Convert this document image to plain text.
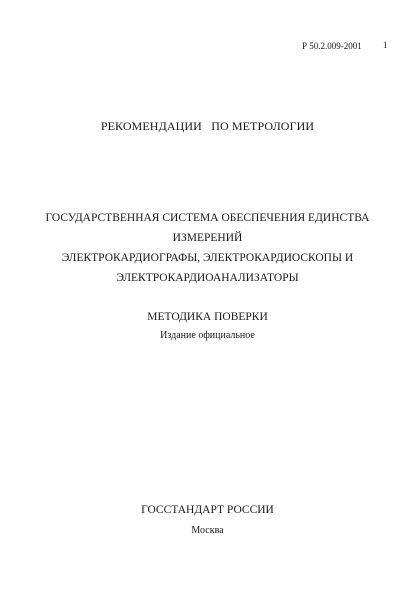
Р 50.2.009-2001 1
РЕКОМЕНДАЦИИ   ПО МЕТРОЛОГИИ
ГОСУДАРСТВЕННАЯ СИСТЕМА ОБЕСПЕЧЕНИЯ ЕДИНСТВА
ИЗМЕРЕНИЙ
ЭЛЕКТРОКАРДИОГРАФЫ, ЭЛЕКТРОКАРДИОСКОПЫ И
ЭЛЕКТРОКАРДИОАНАЛИЗАТОРЫ
МЕТОДИКА ПОВЕРКИ
Издание официальное
ГОССТАНДАРТ РОССИИ
Москва
